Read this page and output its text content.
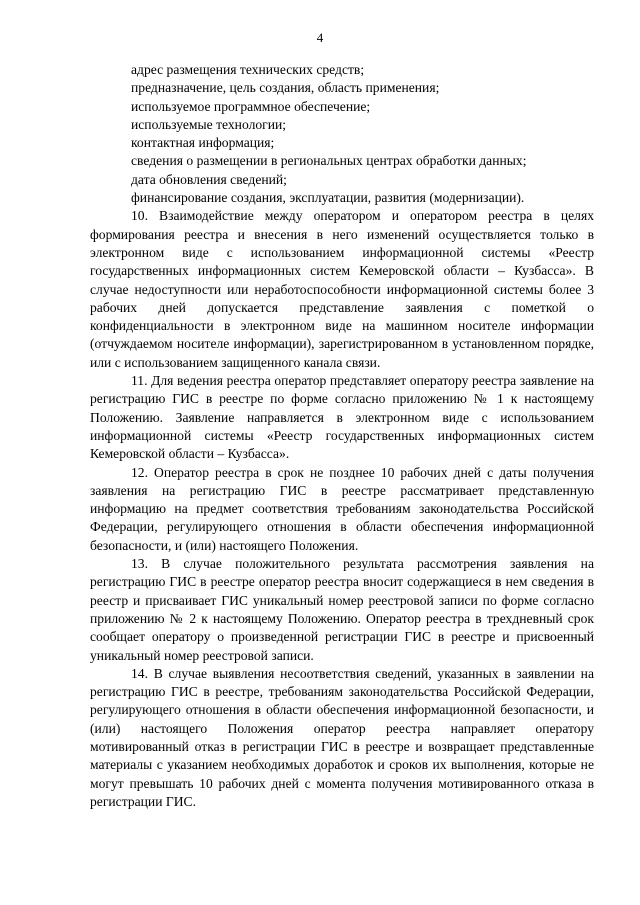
4

адрес размещения технических средств;

предназначение, цель создания, область применения;

используемое программное обеспечение;

используемые технологии;

контактная информация;

сведения о размещении в региональных центрах обработки данных;

дата обновления сведений;

финансирование создания, эксплуатации, развития (модернизации).

10. Взаимодействие между оператором и оператором реестра в целях формирования реестра и внесения в него изменений осуществляется только в электронном виде с использованием информационной системы «Реестр государственных информационных систем Кемеровской области – Кузбасса». В случае недоступности или неработоспособности информационной системы более 3 рабочих дней допускается представление заявления с пометкой о конфиденциальности в электронном виде на машинном носителе информации (отчуждаемом носителе информации), зарегистрированном в установленном порядке, или с использованием защищенного канала связи.

11. Для ведения реестра оператор представляет оператору реестра заявление на регистрацию ГИС в реестре по форме согласно приложению № 1 к настоящему Положению. Заявление направляется в электронном виде с использованием информационной системы «Реестр государственных информационных систем Кемеровской области – Кузбасса».

12. Оператор реестра в срок не позднее 10 рабочих дней с даты получения заявления на регистрацию ГИС в реестре рассматривает представленную информацию на предмет соответствия требованиям законодательства Российской Федерации, регулирующего отношения в области обеспечения информационной безопасности, и (или) настоящего Положения.

13. В случае положительного результата рассмотрения заявления на регистрацию ГИС в реестре оператор реестра вносит содержащиеся в нем сведения в реестр и присваивает ГИС уникальный номер реестровой записи по форме согласно приложению № 2 к настоящему Положению. Оператор реестра в трехдневный срок сообщает оператору о произведенной регистрации ГИС в реестре и присвоенный уникальный номер реестровой записи.

14. В случае выявления несоответствия сведений, указанных в заявлении на регистрацию ГИС в реестре, требованиям законодательства Российской Федерации, регулирующего отношения в области обеспечения информационной безопасности, и (или) настоящего Положения оператор реестра направляет оператору мотивированный отказ в регистрации ГИС в реестре и возвращает представленные материалы с указанием необходимых доработок и сроков их выполнения, которые не могут превышать 10 рабочих дней с момента получения мотивированного отказа в регистрации ГИС.
